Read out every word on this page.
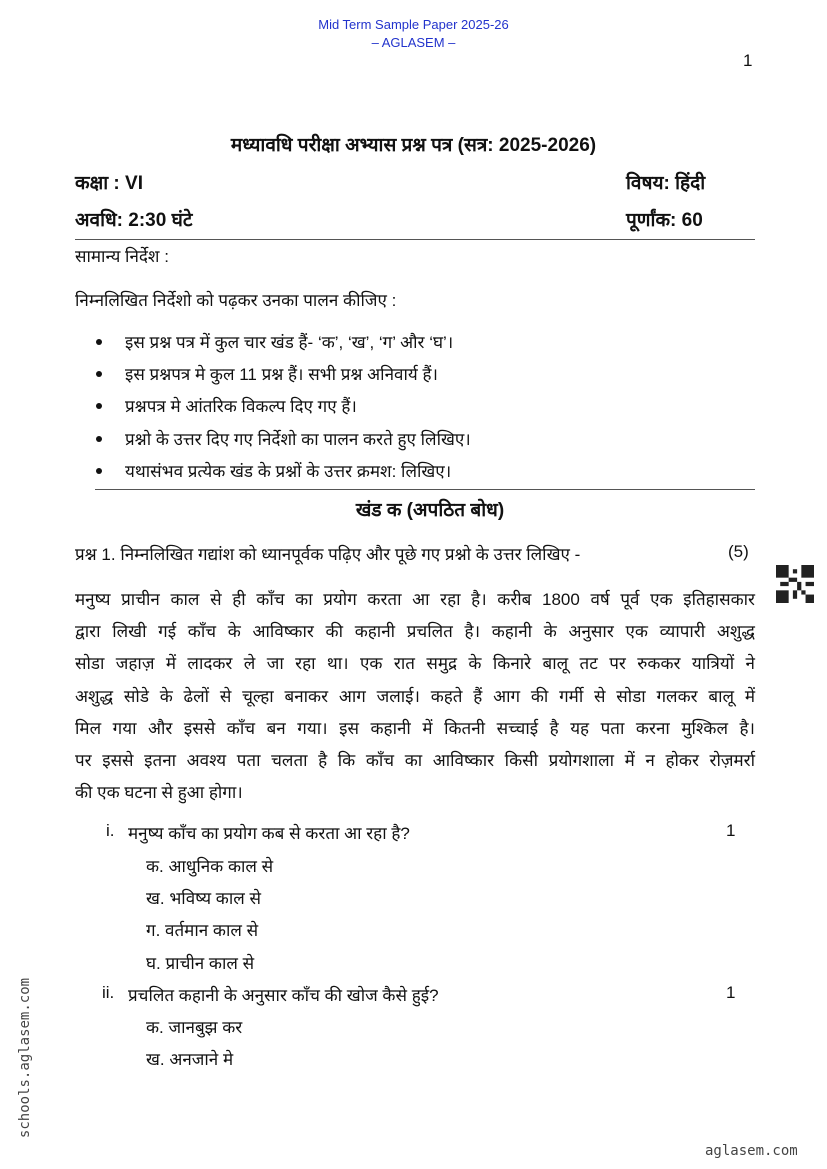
Mid Term Sample Paper 2025-26
– AGLASEM –
1
मध्यावधि परीक्षा अभ्यास प्रश्न पत्र (सत्र: 2025-2026)
कक्षा : VI	विषय: हिंदी
अवधि: 2:30 घंटे	पूर्णांक: 60
सामान्य निर्देश :
निम्नलिखित निर्देशो को पढ़कर उनका पालन कीजिए :
इस प्रश्न पत्र में कुल चार खंड हैं- ‘क’, ‘ख’, ‘ग’ और ‘घ’।
इस प्रश्नपत्र मे कुल 11 प्रश्न हैं। सभी प्रश्न अनिवार्य हैं।
प्रश्नपत्र मे आंतरिक विकल्प दिए गए हैं।
प्रश्नो के उत्तर दिए गए निर्देशो का पालन करते हुए लिखिए।
यथासंभव प्रत्येक खंड के प्रश्नों के उत्तर क्रमश: लिखिए।
खंड क (अपठित बोध)
प्रश्न 1. निम्नलिखित गद्यांश को ध्यानपूर्वक पढ़िए और पूछे गए प्रश्नो के उत्तर लिखिए -	(5)
मनुष्य प्राचीन काल से ही काँच का प्रयोग करता आ रहा है। करीब 1800 वर्ष पूर्व एक इतिहासकार
द्वारा लिखी गई काँच के आविष्कार की कहानी प्रचलित है। कहानी के अनुसार एक व्यापारी अशुद्ध
सोडा जहाज़ में लादकर ले जा रहा था। एक रात समुद्र के किनारे बालू तट पर रुककर यात्रियों ने
अशुद्ध सोडे के ढेलों से चूल्हा बनाकर आग जलाई। कहते हैं आग की गर्मी से सोडा गलकर बालू में
मिल गया और इससे काँच बन गया। इस कहानी में कितनी सच्चाई है यह पता करना मुश्किल है।
पर इससे इतना अवश्य पता चलता है कि काँच का आविष्कार किसी प्रयोगशाला में न होकर रोज़मर्रा
की एक घटना से हुआ होगा।
i. मनुष्य काँच का प्रयोग कब से करता आ रहा है?	1
क. आधुनिक काल से
ख. भविष्य काल से
ग. वर्तमान काल से
घ. प्राचीन काल से
ii. प्रचलित कहानी के अनुसार काँच की खोज कैसे हुई?	1
क. जानबुझ कर
ख. अनजाने मे
schools.aglasem.com
aglasem.com
